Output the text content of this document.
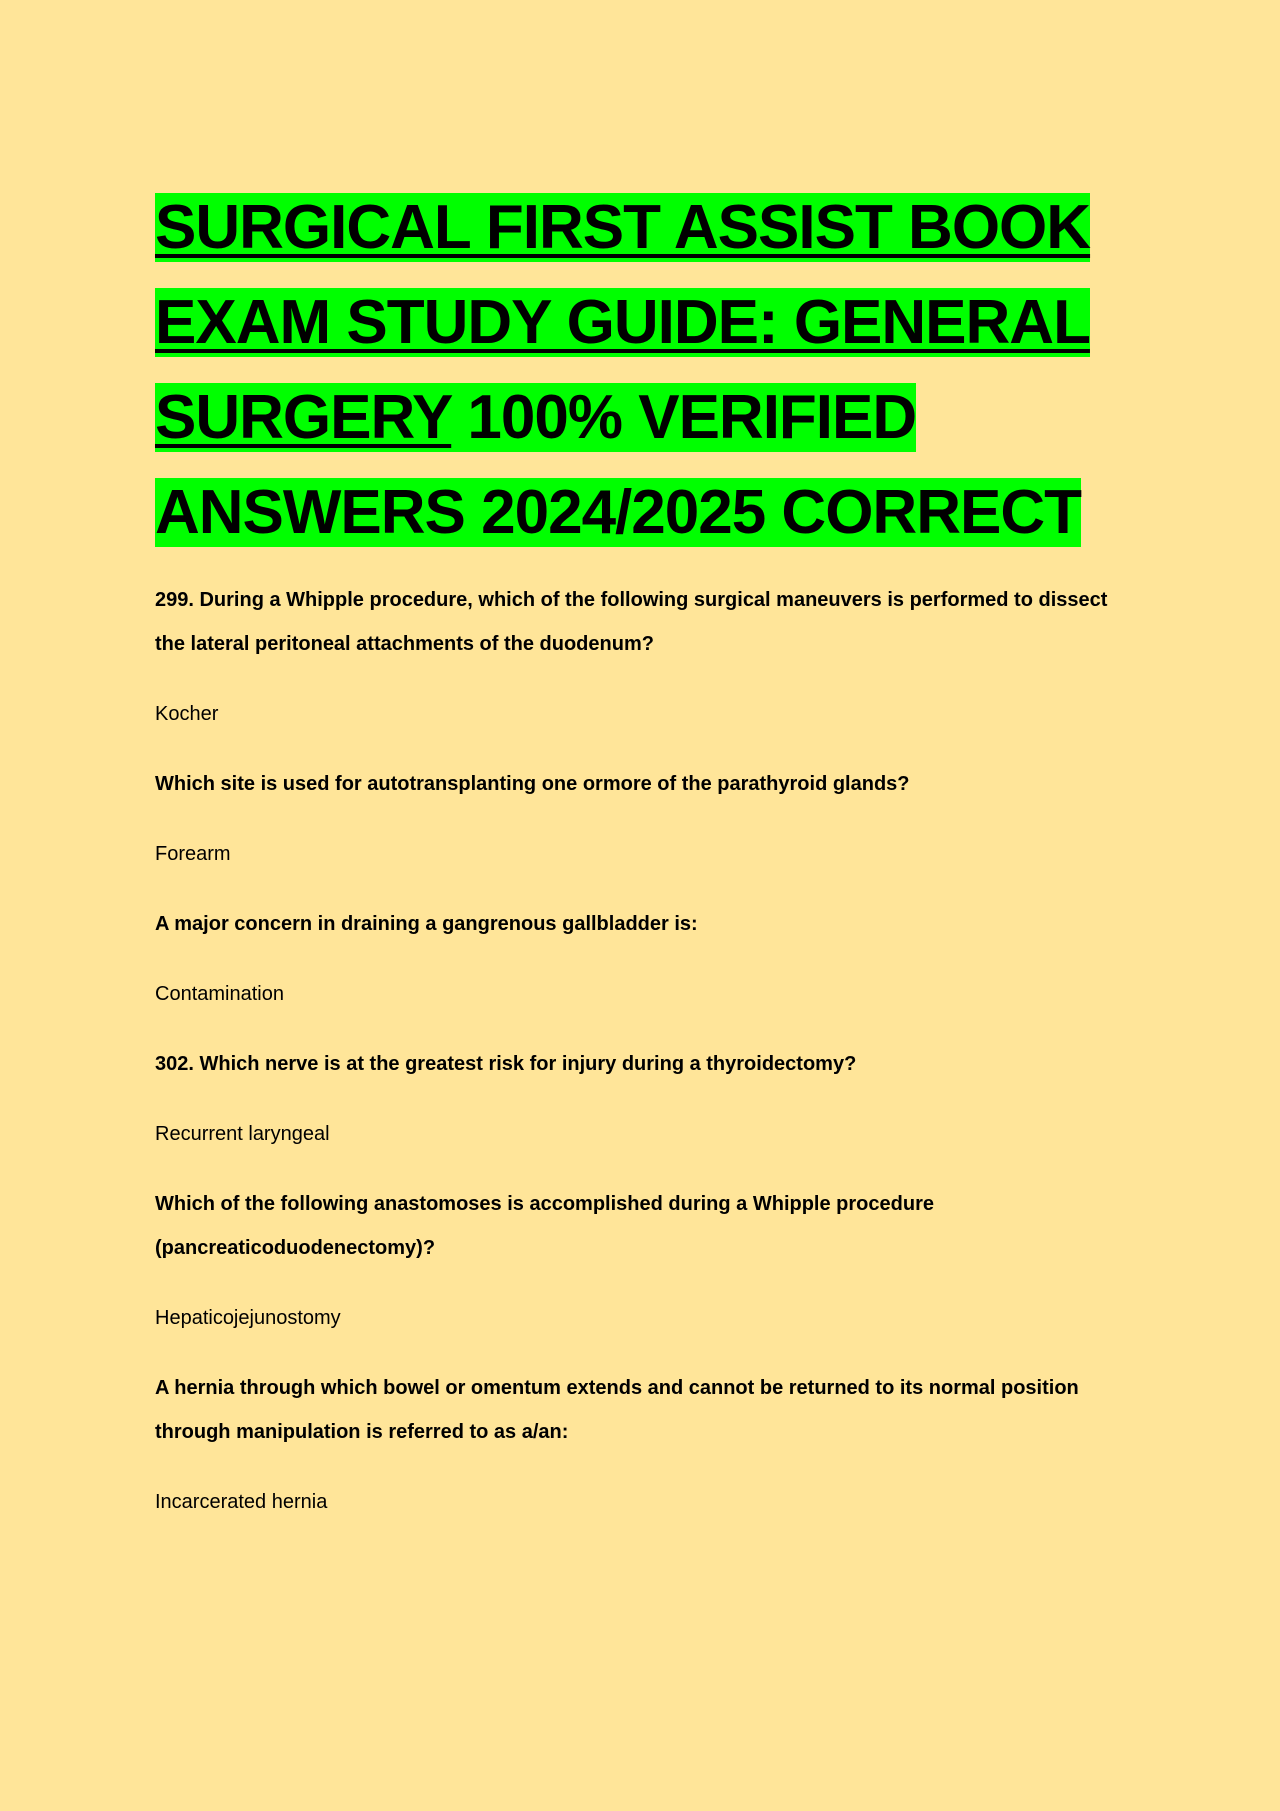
SURGICAL FIRST ASSIST BOOK EXAM STUDY GUIDE: GENERAL SURGERY 100% VERIFIED ANSWERS 2024/2025 CORRECT

299. During a Whipple procedure, which of the following surgical maneuvers is performed to dissect the lateral peritoneal attachments of the duodenum?

Kocher

Which site is used for autotransplanting one ormore of the parathyroid glands?

Forearm

A major concern in draining a gangrenous gallbladder is:

Contamination

302. Which nerve is at the greatest risk for injury during a thyroidectomy?

Recurrent laryngeal

Which of the following anastomoses is accomplished during a Whipple procedure (pancreaticoduodenectomy)?

Hepaticojejunostomy

A hernia through which bowel or omentum extends and cannot be returned to its normal position through manipulation is referred to as a/an:

Incarcerated hernia
